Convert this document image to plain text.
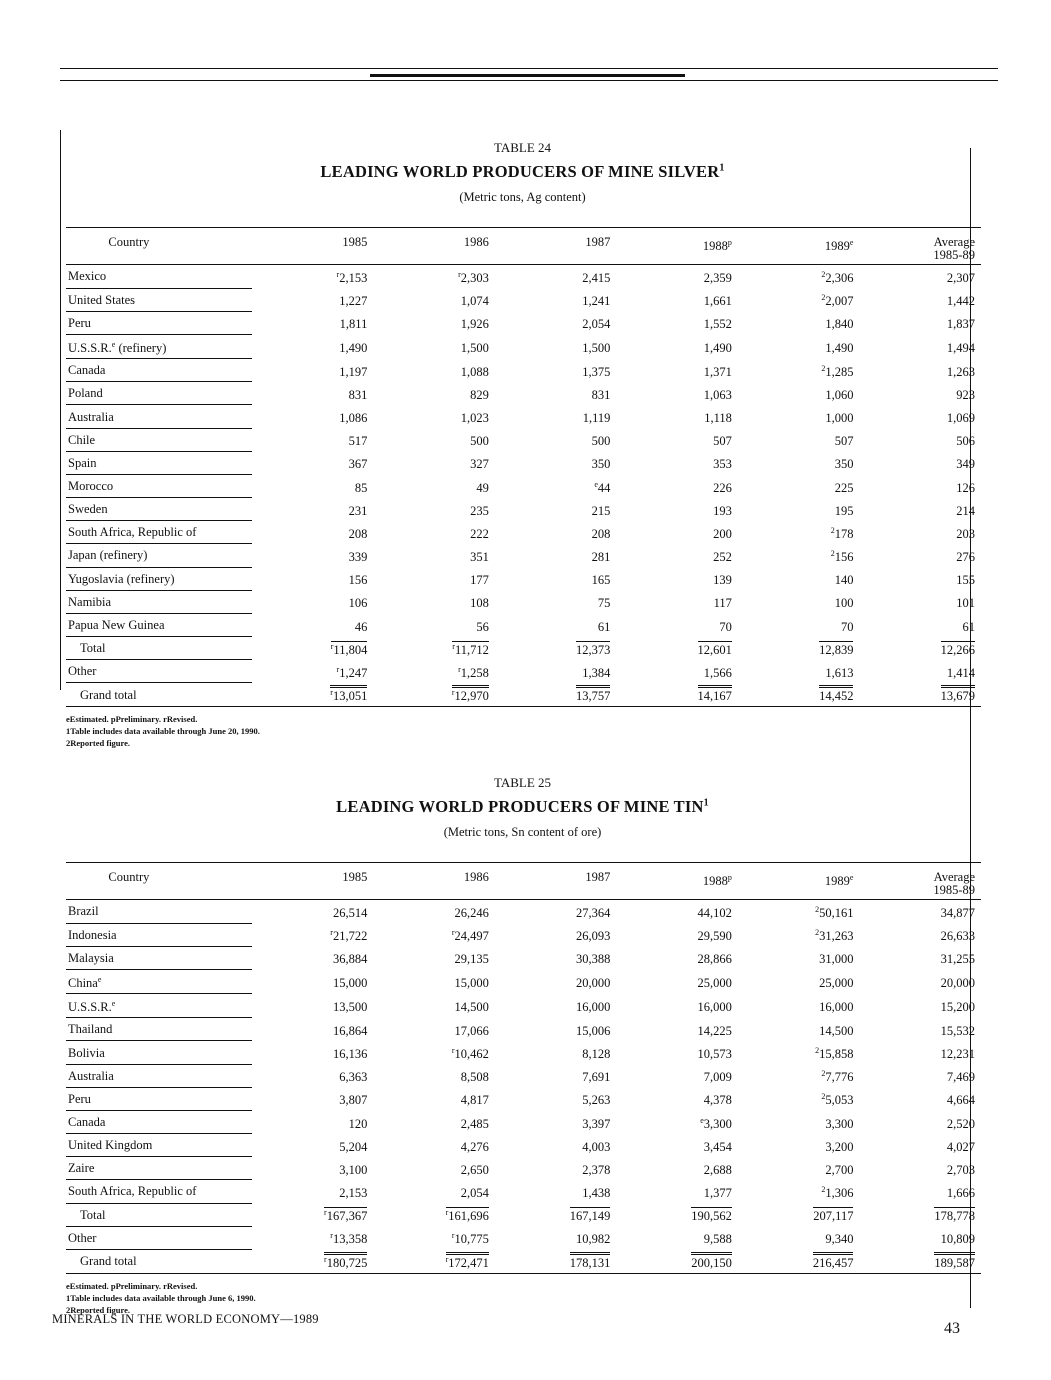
TABLE 24

LEADING WORLD PRODUCERS OF MINE SILVER$^1$

(Metric tons, Ag content)

Country	1985	1986	1987	1988$^p$	1989e	Average
1985-89
Mexico	$^r$2,153	$^r$2,303	2,415	2,359	$^2$2,306	2,307
United States	1,227	1,074	1,241	1,661	$^2$2,007	1,442
Peru	1,811	1,926	2,054	1,552	1,840	1,837
U.S.S.R.$^e$ (refinery)	1,490	1,500	1,500	1,490	1,490	1,494
Canada	1,197	1,088	1,375	1,371	$^2$1,285	1,263
Poland	831	829	831	1,063	1,060	923
Australia	1,086	1,023	1,119	1,118	1,000	1,069
Chile	517	500	500	507	507	506
Spain	367	327	350	353	350	349
Morocco	85	49	$^e$44	226	225	126
Sweden	231	235	215	193	195	214
South Africa, Republic of	208	222	208	200	$^2$178	203
Japan (refinery)	339	351	281	252	$^2$156	276
Yugoslavia (refinery)	156	177	165	139	140	155
Namibia	106	108	75	117	100	101
Papua New Guinea	46	56	61	70	70	61
Total	$^r$11,804	$^r$11,712	12,373	12,601	12,839	12,266
Other	$^r$1,247	$^r$1,258	1,384	1,566	1,613	1,414
Grand total	$^r$13,051	$^r$12,970	13,757	14,167	14,452	13,679
eEstimated. pPreliminary. rRevised.
1Table includes data available through June 20, 1990.
2Reported figure.

TABLE 25

LEADING WORLD PRODUCERS OF MINE TIN$^1$

(Metric tons, Sn content of ore)

Country	1985	1986	1987	1988$^p$	1989e	Average
1985-89
Brazil	26,514	26,246	27,364	44,102	$^2$50,161	34,877
Indonesia	$^r$21,722	$^r$24,497	26,093	29,590	$^2$31,263	26,633
Malaysia	36,884	29,135	30,388	28,866	31,000	31,255
China$^e$	15,000	15,000	20,000	25,000	25,000	20,000
U.S.S.R.$^e$	13,500	14,500	16,000	16,000	16,000	15,200
Thailand	16,864	17,066	15,006	14,225	14,500	15,532
Bolivia	16,136	$^r$10,462	8,128	10,573	$^2$15,858	12,231
Australia	6,363	8,508	7,691	7,009	$^2$7,776	7,469
Peru	3,807	4,817	5,263	4,378	$^2$5,053	4,664
Canada	120	2,485	3,397	$^e$3,300	3,300	2,520
United Kingdom	5,204	4,276	4,003	3,454	3,200	4,027
Zaire	3,100	2,650	2,378	2,688	2,700	2,703
South Africa, Republic of	2,153	2,054	1,438	1,377	$^2$1,306	1,666
Total	$^r$167,367	$^r$161,696	167,149	190,562	207,117	178,778
Other	$^r$13,358	$^r$10,775	10,982	9,588	9,340	10,809
Grand total	$^r$180,725	$^r$172,471	178,131	200,150	216,457	189,587
eEstimated. pPreliminary. rRevised.
1Table includes data available through June 6, 1990.
2Reported figure.
MINERALS IN THE WORLD ECONOMY—1989
43
